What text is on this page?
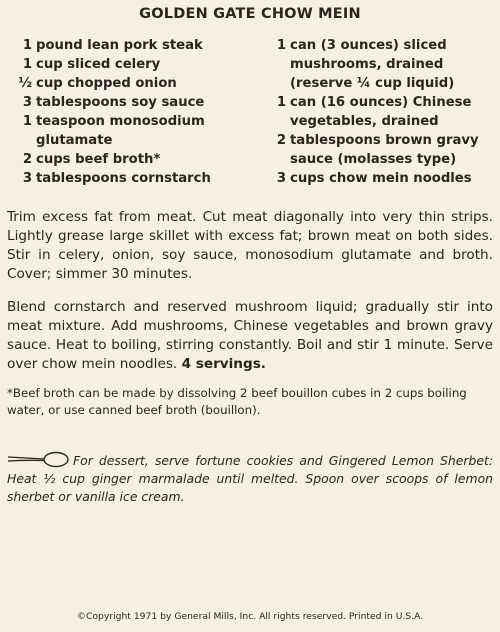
GOLDEN GATE CHOW MEIN
1 pound lean pork steak
1 cup sliced celery
½ cup chopped onion
3 tablespoons soy sauce
1 teaspoon monosodium glutamate
2 cups beef broth*
3 tablespoons cornstarch
1 can (3 ounces) sliced mushrooms, drained (reserve ¼ cup liquid)
1 can (16 ounces) Chinese vegetables, drained
2 tablespoons brown gravy sauce (molasses type)
3 cups chow mein noodles
Trim excess fat from meat. Cut meat diagonally into very thin strips. Lightly grease large skillet with excess fat; brown meat on both sides. Stir in celery, onion, soy sauce, monosodium glutamate and broth. Cover; simmer 30 minutes.
Blend cornstarch and reserved mushroom liquid; gradually stir into meat mixture. Add mushrooms, Chinese vegetables and brown gravy sauce. Heat to boiling, stirring constantly. Boil and stir 1 minute. Serve over chow mein noodles. 4 servings.
*Beef broth can be made by dissolving 2 beef bouillon cubes in 2 cups boiling water, or use canned beef broth (bouillon).
For dessert, serve fortune cookies and Gingered Lemon Sherbet: Heat ½ cup ginger marmalade until melted. Spoon over scoops of lemon sherbet or vanilla ice cream.
©Copyright 1971 by General Mills, Inc. All rights reserved. Printed in U.S.A.
